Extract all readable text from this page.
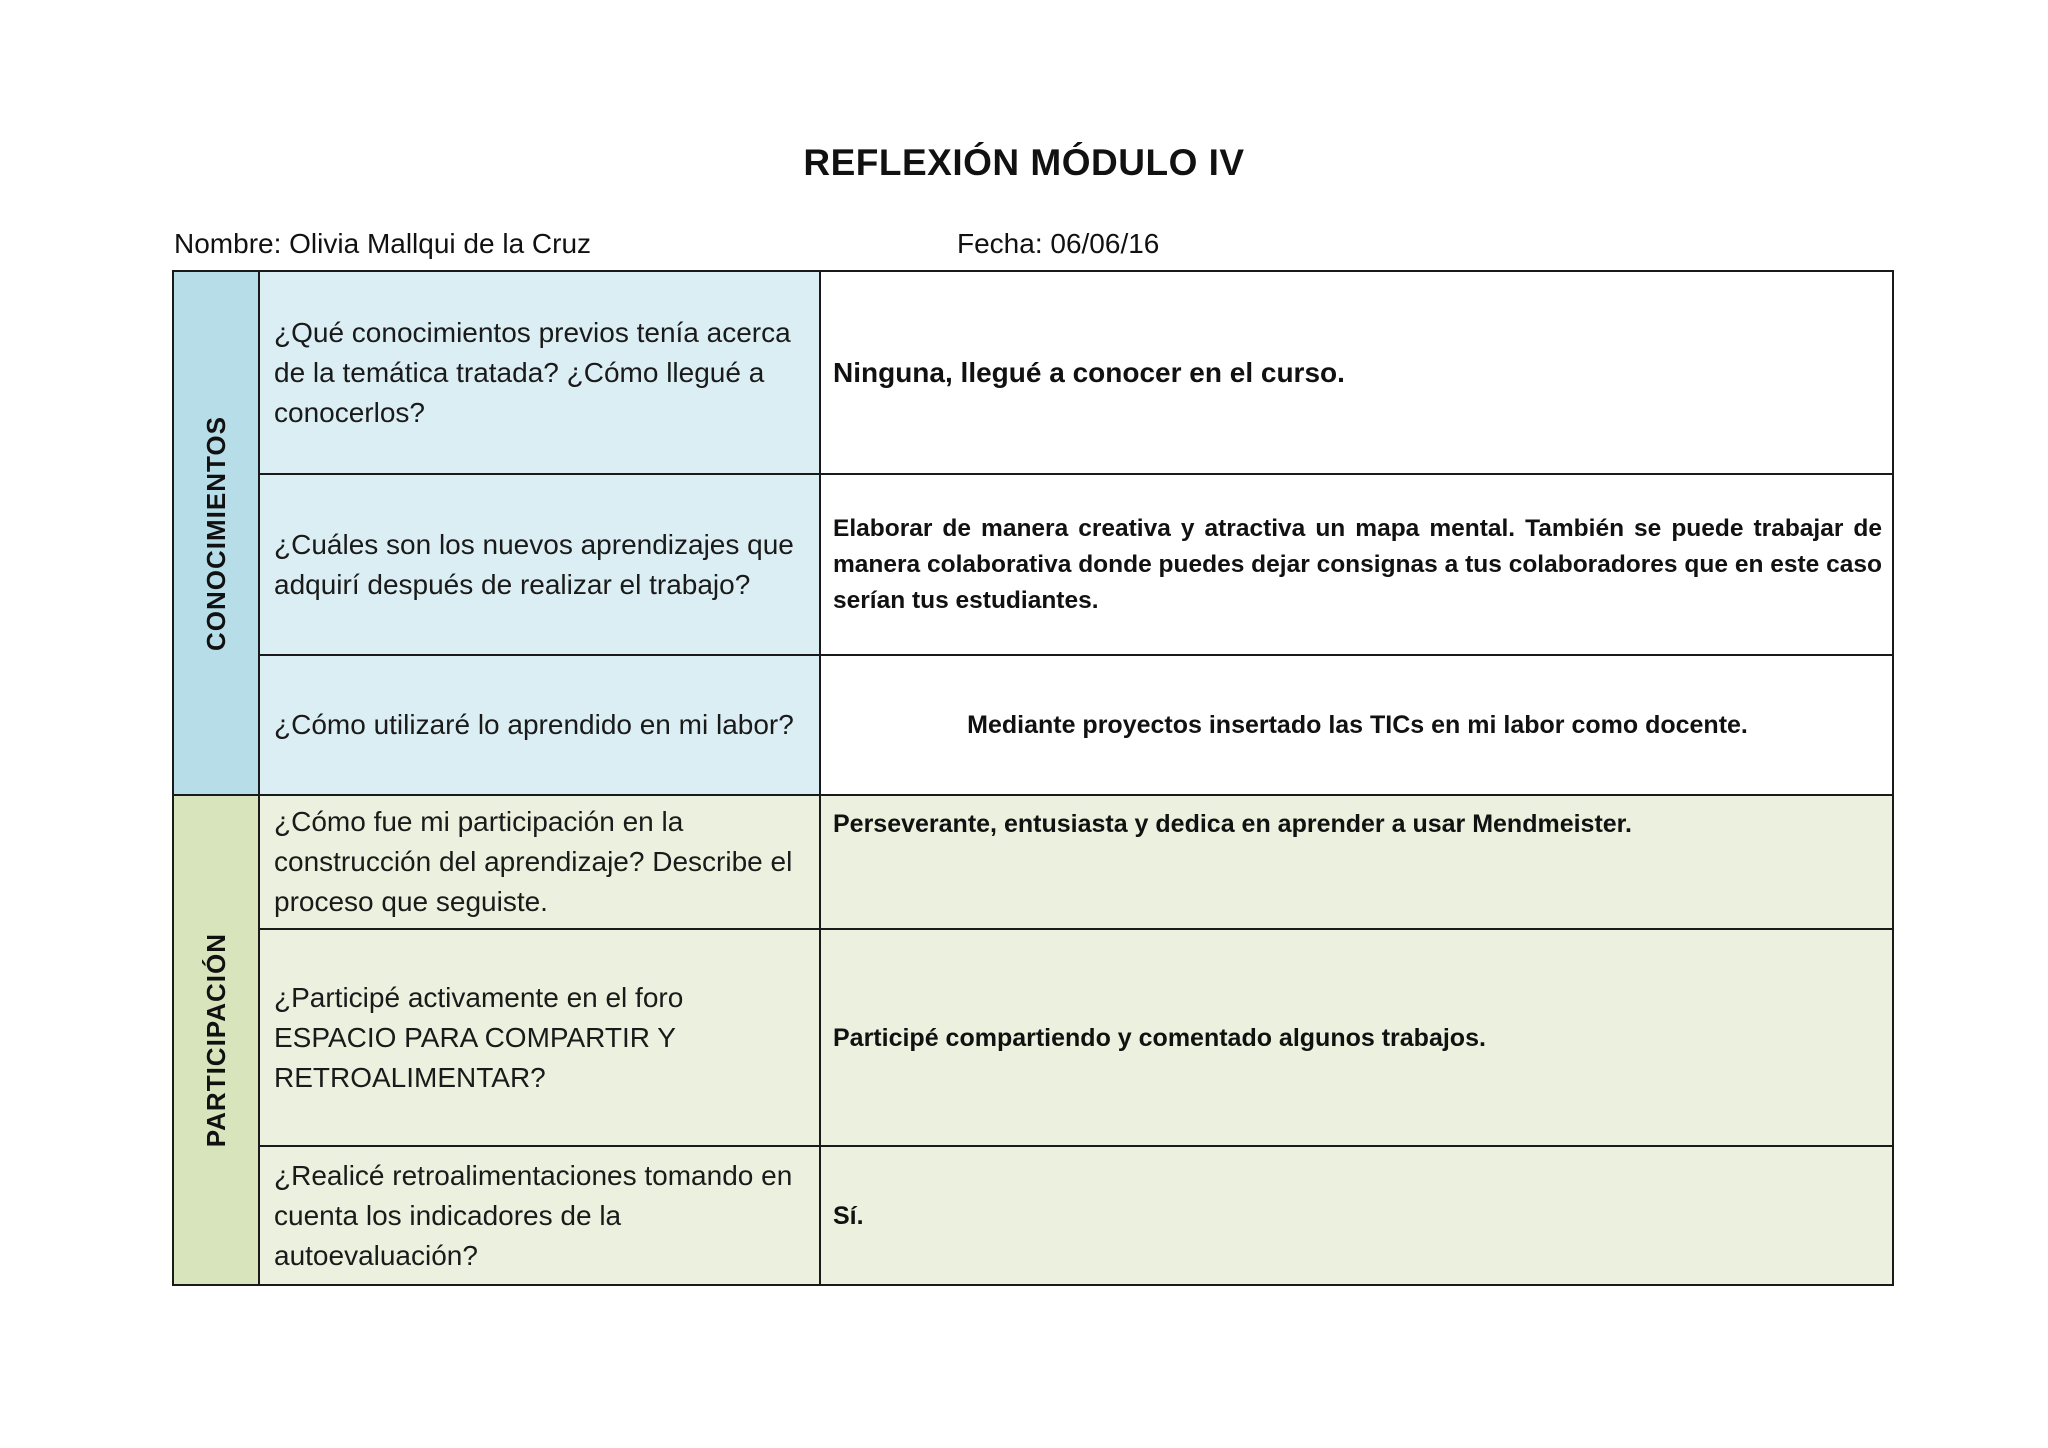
REFLEXIÓN MÓDULO IV
Nombre: Olivia Mallqui de la Cruz	Fecha: 06/06/16
CONOCIMIENTOS	¿Qué conocimientos previos tenía acerca de la temática tratada? ¿Cómo llegué a conocerlos?	Ninguna, llegué a conocer en el curso.
	¿Cuáles son los nuevos aprendizajes que adquirí después de realizar el trabajo?	Elaborar de manera creativa y atractiva un mapa mental. También se puede trabajar de manera colaborativa donde puedes dejar consignas a tus colaboradores que en este caso serían tus estudiantes.
	¿Cómo utilizaré lo aprendido en mi labor?	Mediante proyectos insertado las TICs en mi labor como docente.

PARTICIPACIÓN	¿Cómo fue mi participación en la construcción del aprendizaje? Describe el proceso que seguiste.	Perseverante, entusiasta y dedica en aprender a usar Mendmeister.
	¿Participé activamente en el foro ESPACIO PARA COMPARTIR Y RETROALIMENTAR?	Participé compartiendo y comentado algunos trabajos.
	¿Realicé retroalimentaciones tomando en cuenta los indicadores de la autoevaluación?	Sí.
